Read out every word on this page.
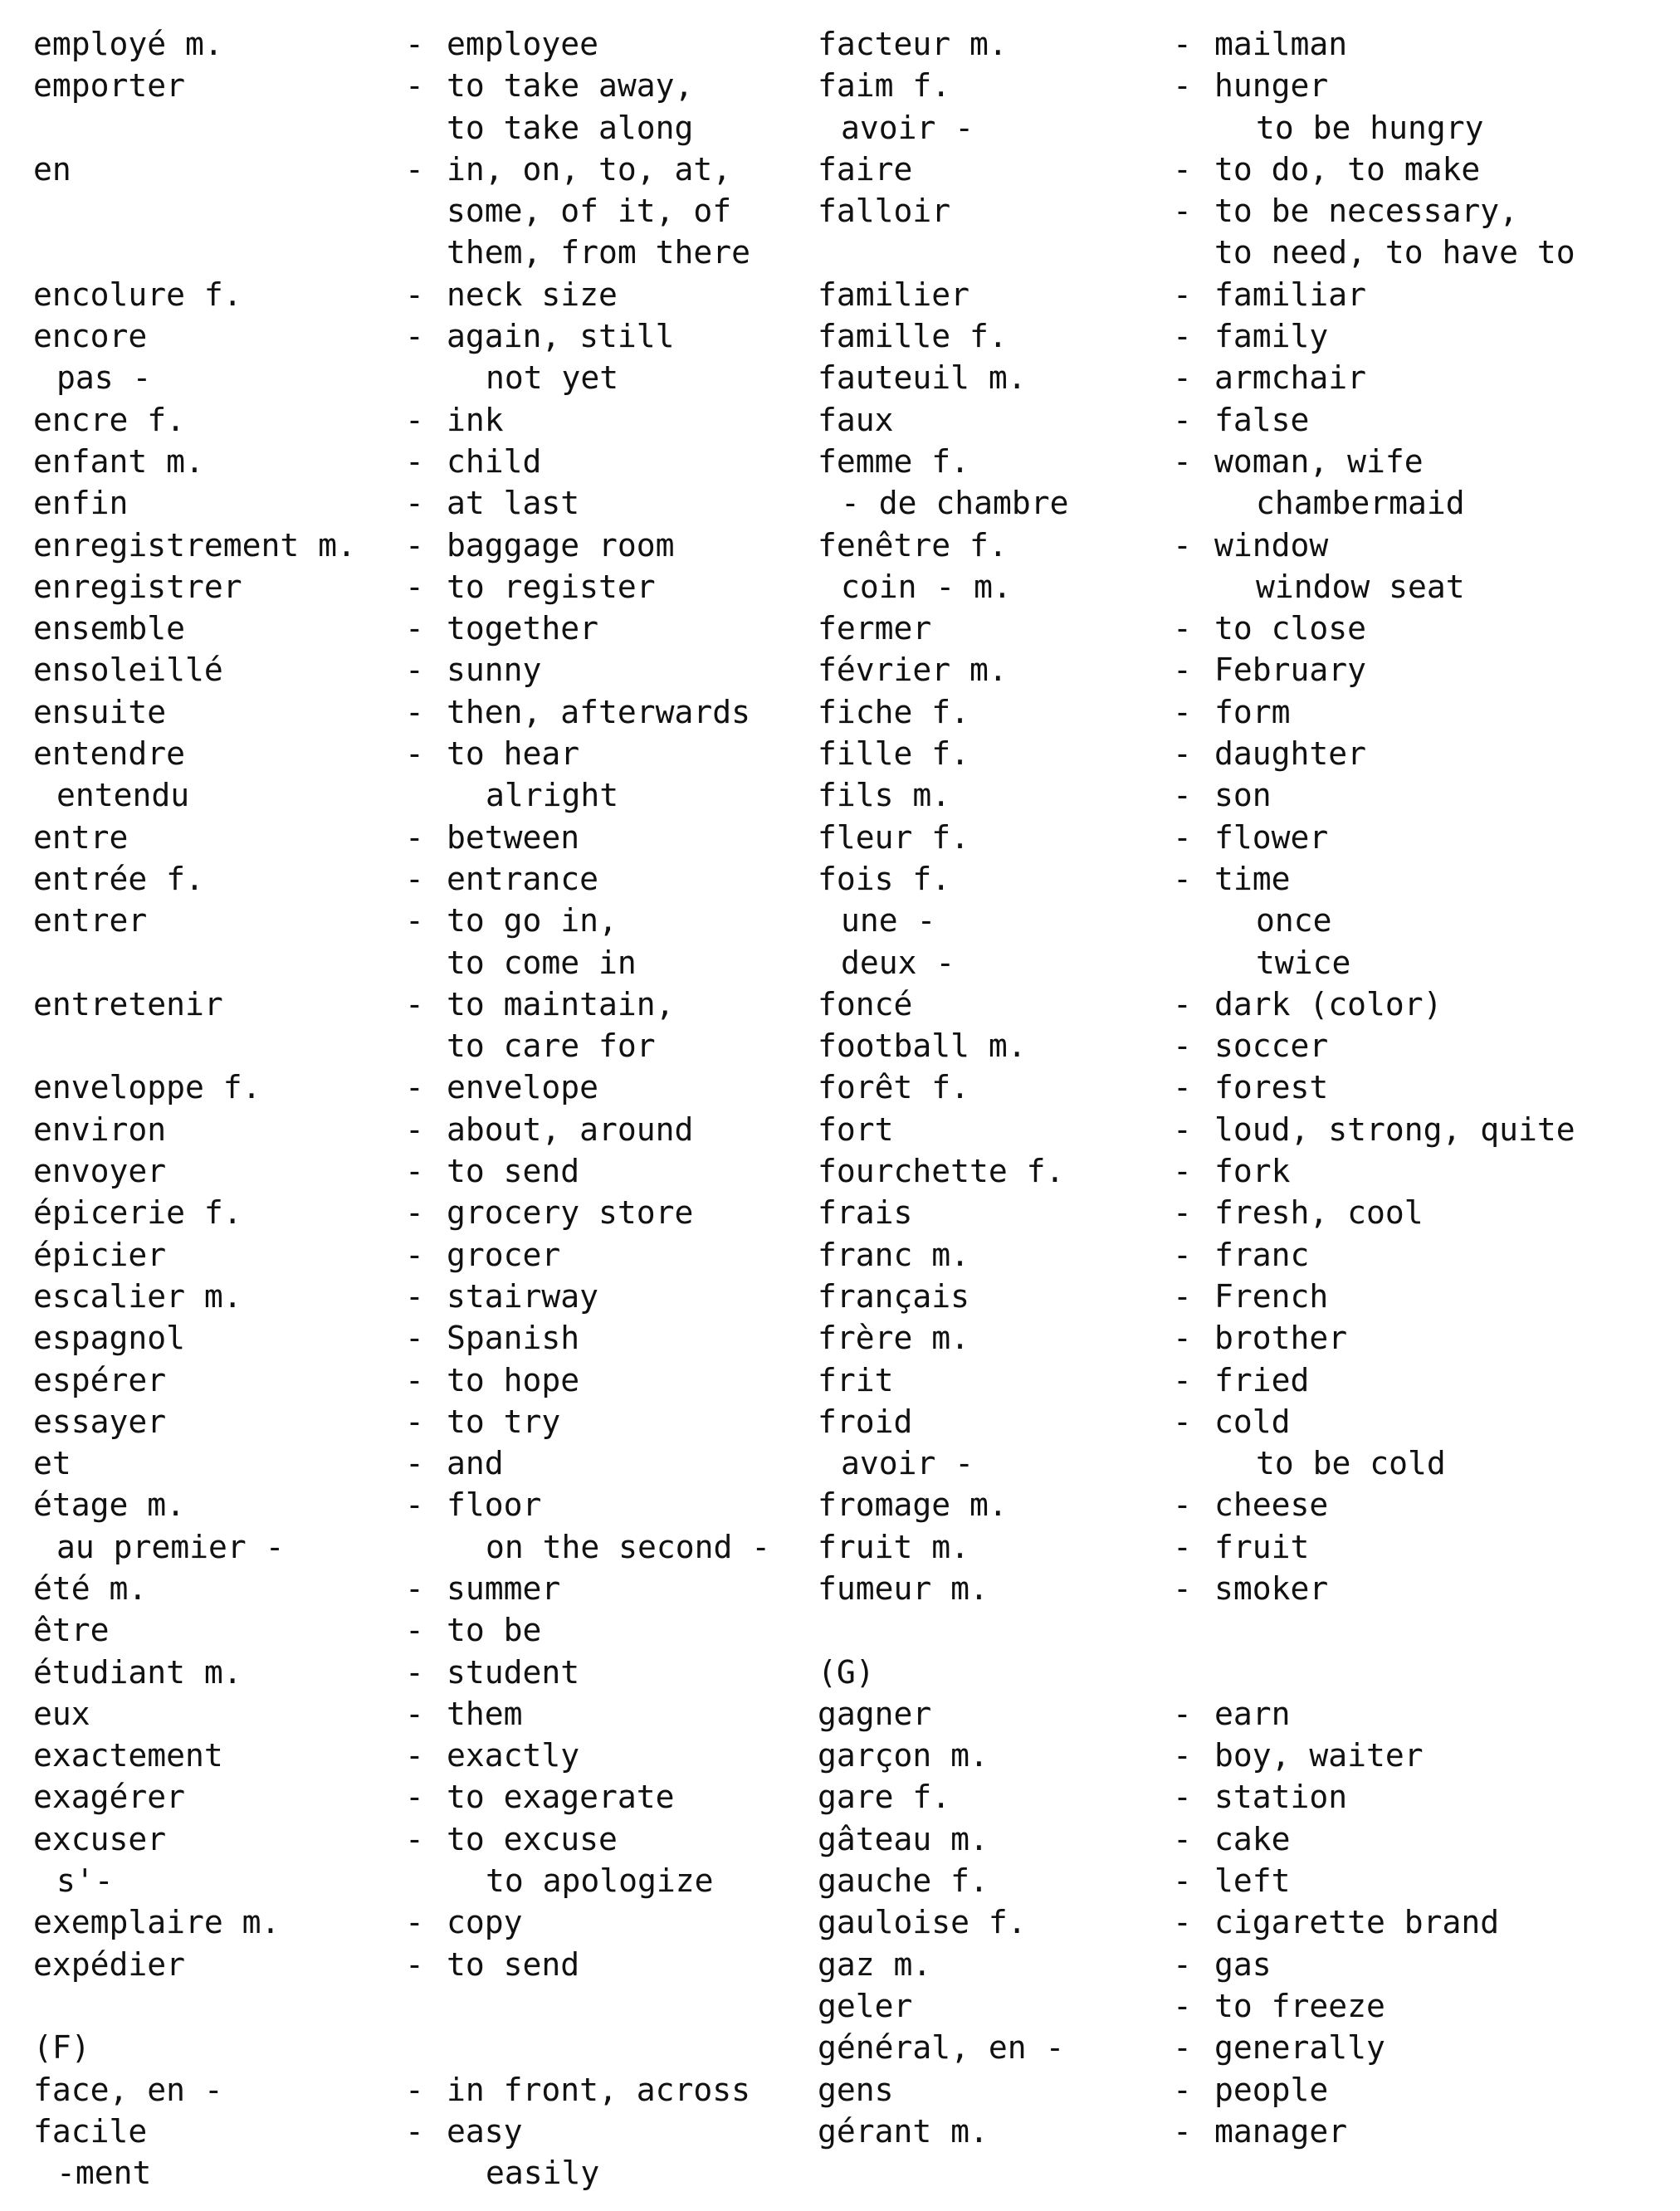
employé m.	- employee
emporter	- to take away,
to take along
en	- in, on, to, at,
some, of it, of
them, from there
encolure f.	- neck size
encore	- again, still
pas -	not yet
encre f.	- ink
enfant m.	- child
enfin	- at last
enregistrement m. - baggage room
enregistrer	- to register
ensemble	- together
ensoleillé	- sunny
ensuite	- then, afterwards
entendre	- to hear
entendu	alright
entre	- between
entrée f.	- entrance
entrer	- to go in,
to come in
entretenir	- to maintain,
to care for
enveloppe f.	- envelope
environ	- about, around
envoyer	- to send
épicerie f.	- grocery store
épicier	- grocer
escalier m.	- stairway
espagnol	- Spanish
espérer	- to hope
essayer	- to try
et	- and
étage m.	- floor
au premier -	on the second -
été m.	- summer
être	- to be
étudiant m.	- student
eux	- them
exactement	- exactly
exagérer	- to exagerate
excuser	- to excuse
s'-	to apologize
exemplaire m.	- copy
expédier	- to send
(F)
face, en -	- in front, across
facile	- easy
-ment	easily
facteur m.	- mailman
faim f.	- hunger
avoir -	to be hungry
faire	- to do, to make
falloir	- to be necessary,
to need, to have to
familier	- familiar
famille f.	- family
fauteuil m.	- armchair
faux	- false
femme f.	- woman, wife
- de chambre	chambermaid
fenêtre f.	- window
coin - m.	window seat
fermer	- to close
février m.	- February
fiche f.	- form
fille f.	- daughter
fils m.	- son
fleur f.	- flower
fois f.	- time
une -	once
deux -	twice
foncé	- dark (color)
football m.	- soccer
forêt f.	- forest
fort	- loud, strong, quite
fourchette f.	- fork
frais	- fresh, cool
franc m.	- franc
français	- French
frère m.	- brother
frit	- fried
froid	- cold
avoir -	to be cold
fromage m.	- cheese
fruit m.	- fruit
fumeur m.	- smoker
(G)
gagner	- earn
garçon m.	- boy, waiter
gare f.	- station
gâteau m.	- cake
gauche f.	- left
gauloise f.	- cigarette brand
gaz m.	- gas
geler	- to freeze
général, en -	- generally
gens	- people
gérant m.	- manager
